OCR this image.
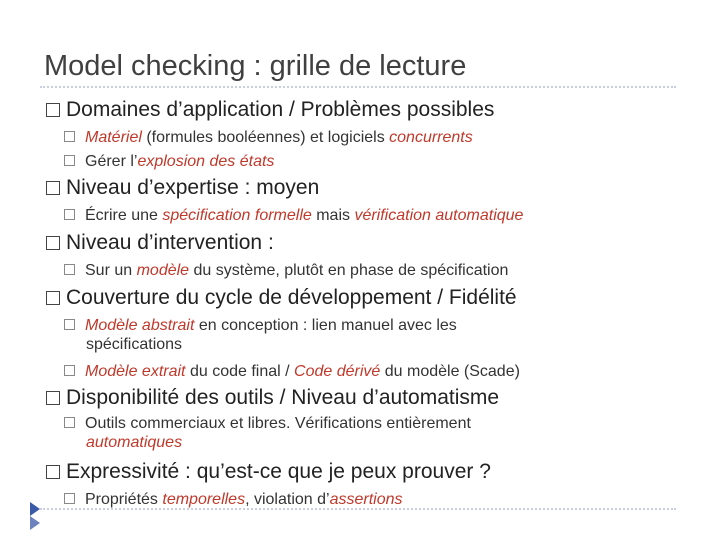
Model checking : grille de lecture
Domaines d’application / Problèmes possibles
Matériel (formules booléennes) et logiciels concurrents
Gérer l’explosion des états
Niveau d’expertise : moyen
Écrire une spécification formelle mais vérification automatique
Niveau d’intervention :
Sur un modèle du système, plutôt en phase de spécification
Couverture du cycle de développement / Fidélité
Modèle abstrait en conception : lien manuel avec les
spécifications
Modèle extrait du code final / Code dérivé du modèle (Scade)
Disponibilité des outils / Niveau d’automatisme
Outils commerciaux et libres. Vérifications entièrement
automatiques
Expressivité : qu’est-ce que je peux prouver ?
Propriétés temporelles, violation d’assertions
